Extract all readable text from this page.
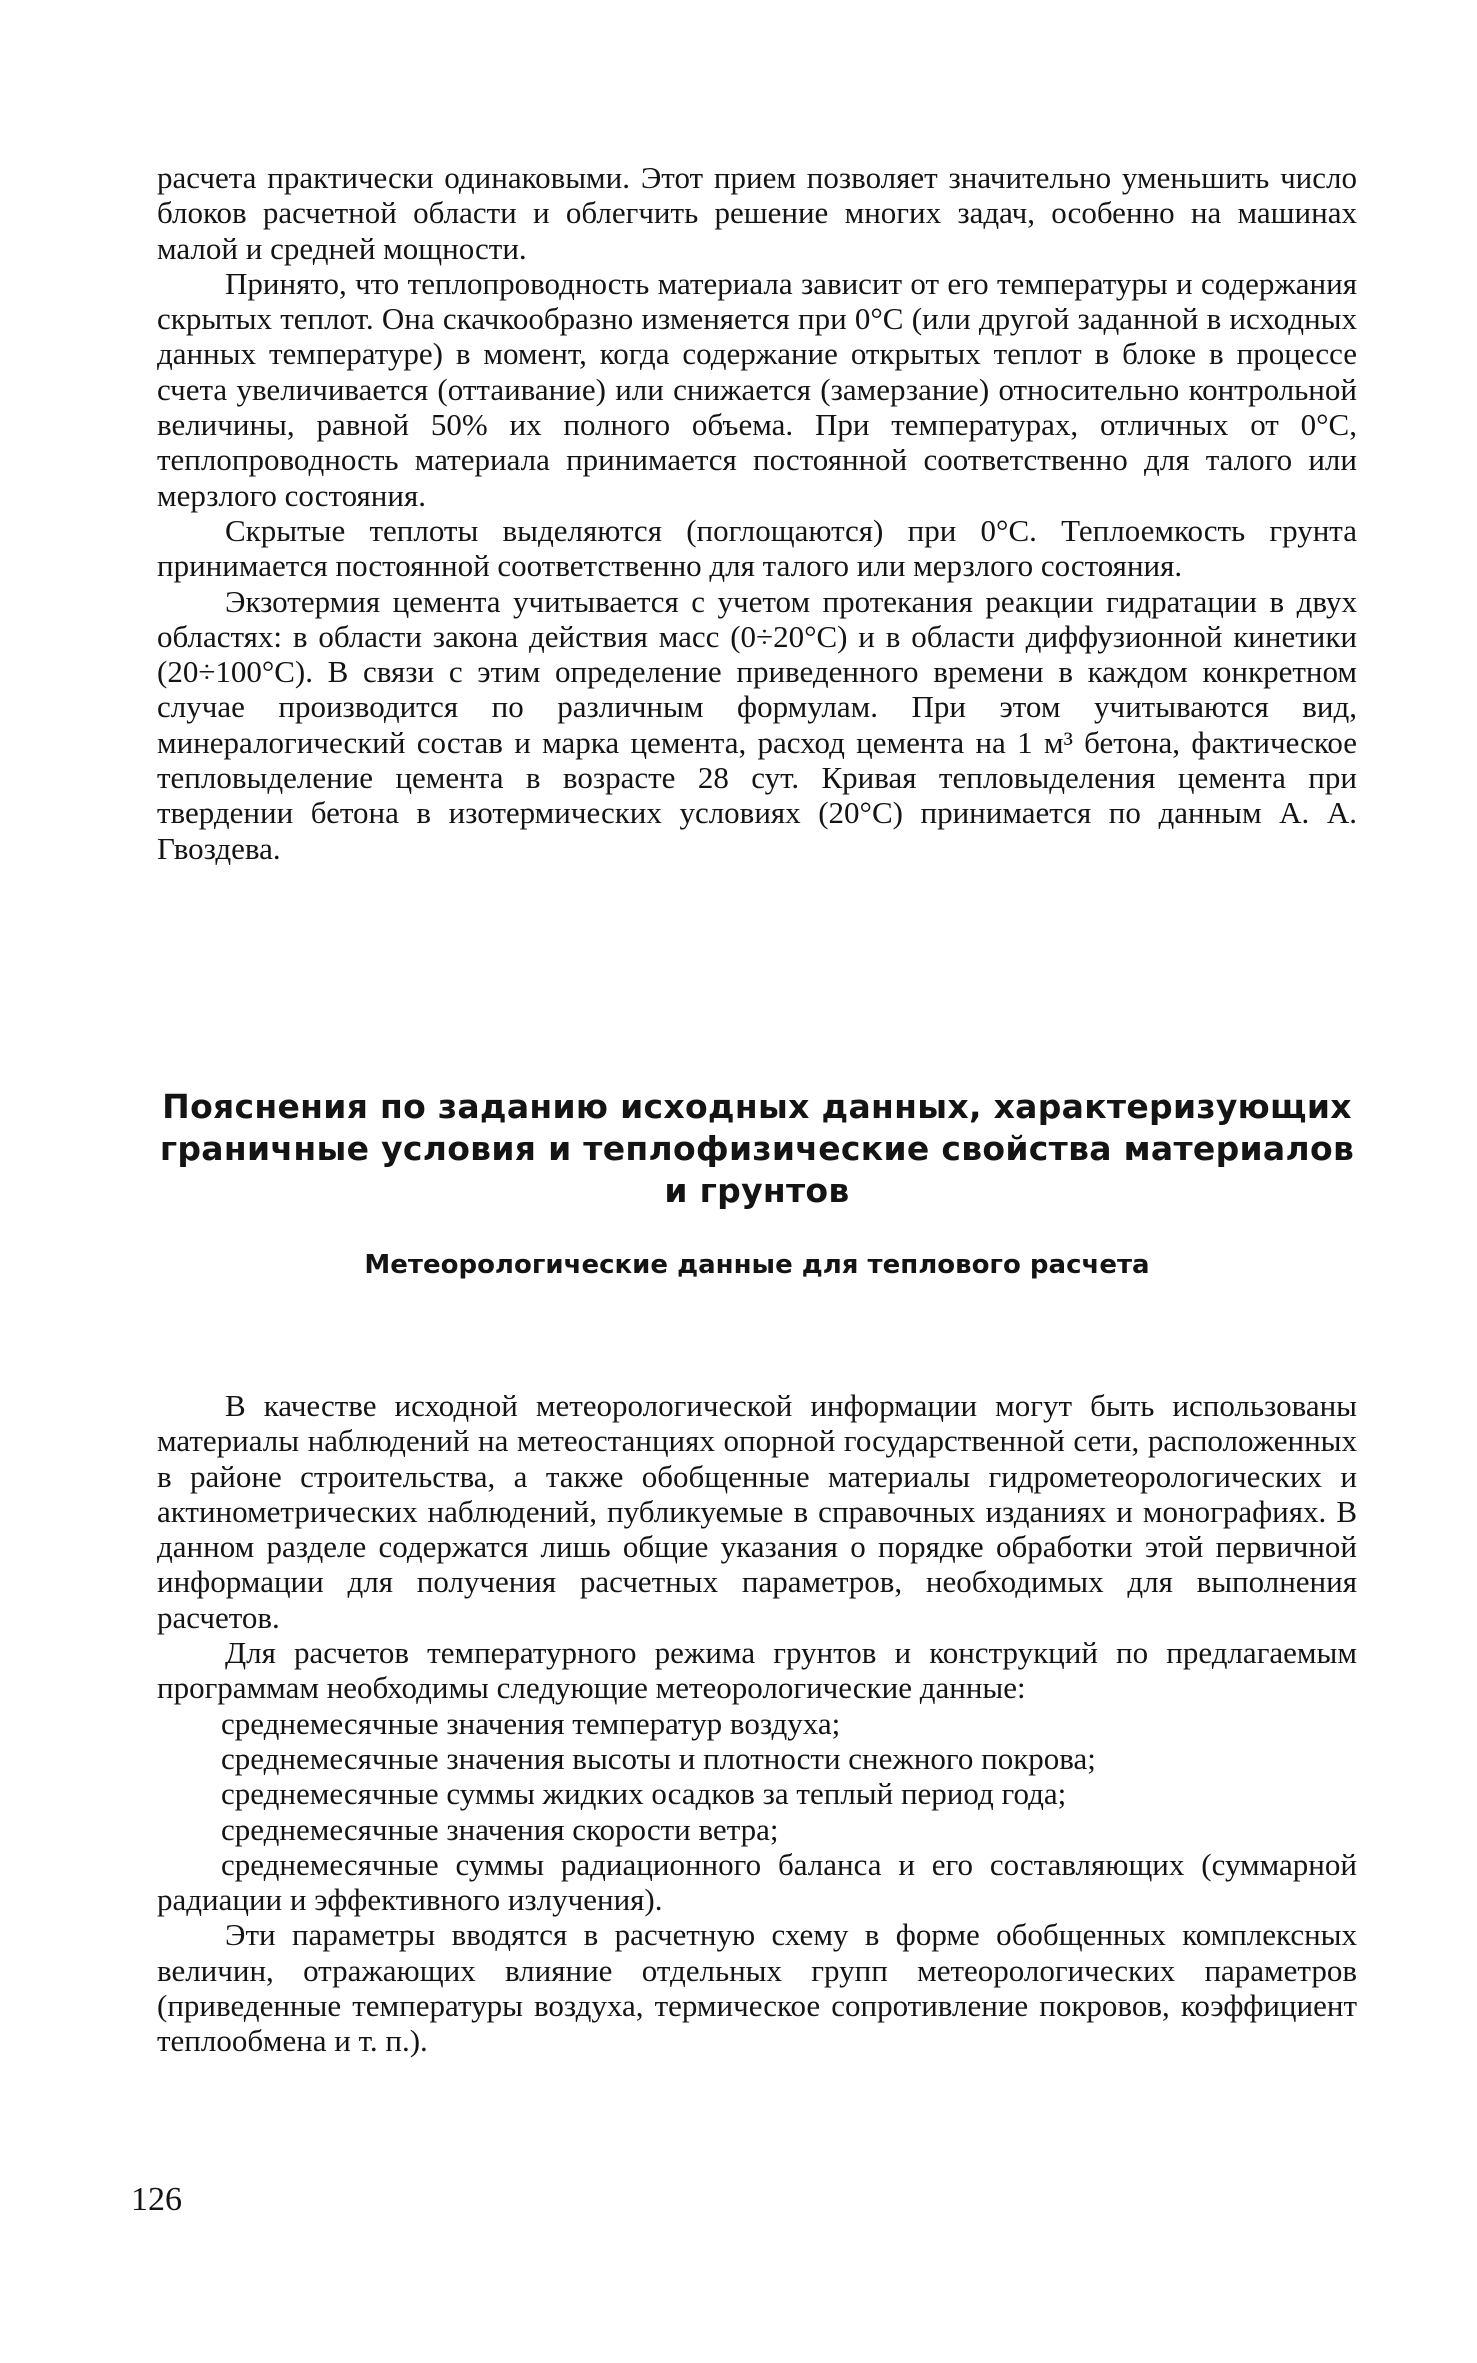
расчета практически одинаковыми. Этот прием позволяет значительно уменьшить число блоков расчетной области и облегчить решение многих задач, особенно на машинах малой и средней мощности.

Принято, что теплопроводность материала зависит от его температуры и содержания скрытых теплот. Она скачкообразно изменяется при 0°С (или другой заданной в исходных данных температуре) в момент, когда содержание открытых теплот в блоке в процессе счета увеличивается (оттаивание) или снижается (замерзание) относительно контрольной величины, равной 50% их полного объема. При температурах, отличных от 0°С, теплопроводность материала принимается постоянной соответственно для талого или мерзлого состояния.

Скрытые теплоты выделяются (поглощаются) при 0°С. Теплоемкость грунта принимается постоянной соответственно для талого или мерзлого состояния.

Экзотермия цемента учитывается с учетом протекания реакции гидратации в двух областях: в области закона действия масс (0÷20°С) и в области диффузионной кинетики (20÷100°С). В связи с этим определение приведенного времени в каждом конкретном случае производится по различным формулам. При этом учитываются вид, минералогический состав и марка цемента, расход цемента на 1 м³ бетона, фактическое тепловыделение цемента в возрасте 28 сут. Кривая тепловыделения цемента при твердении бетона в изотермических условиях (20°С) принимается по данным А. А. Гвоздева.

Пояснения по заданию исходных данных, характеризующих граничные условия и теплофизические свойства материалов и грунтов
Метеорологические данные для теплового расчета

В качестве исходной метеорологической информации могут быть использованы материалы наблюдений на метеостанциях опорной государственной сети, расположенных в районе строительства, а также обобщенные материалы гидрометеорологических и актинометрических наблюдений, публикуемые в справочных изданиях и монографиях. В данном разделе содержатся лишь общие указания о порядке обработки этой первичной информации для получения расчетных параметров, необходимых для выполнения расчетов.

Для расчетов температурного режима грунтов и конструкций по предлагаемым программам необходимы следующие метеорологические данные:

среднемесячные значения температур воздуха;

среднемесячные значения высоты и плотности снежного покрова;

среднемесячные суммы жидких осадков за теплый период года;

среднемесячные значения скорости ветра;

среднемесячные суммы радиационного баланса и его составляющих (суммарной радиации и эффективного излучения).

Эти параметры вводятся в расчетную схему в форме обобщенных комплексных величин, отражающих влияние отдельных групп метеорологических параметров (приведенные температуры воздуха, термическое сопротивление покровов, коэффициент теплообмена и т. п.).

126
